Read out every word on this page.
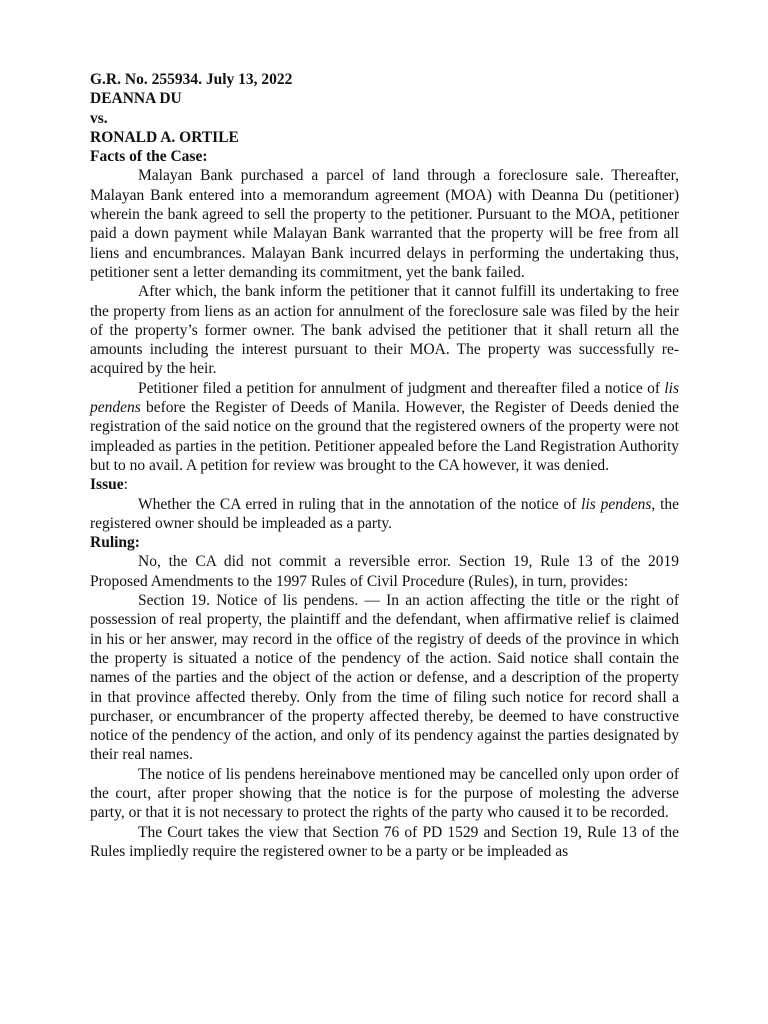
G.R. No. 255934. July 13, 2022
DEANNA DU
vs.
RONALD A. ORTILE
Facts of the Case:

Malayan Bank purchased a parcel of land through a foreclosure sale. Thereafter, Malayan Bank entered into a memorandum agreement (MOA) with Deanna Du (petitioner) wherein the bank agreed to sell the property to the petitioner. Pursuant to the MOA, petitioner paid a down payment while Malayan Bank warranted that the property will be free from all liens and encumbrances. Malayan Bank incurred delays in performing the undertaking thus, petitioner sent a letter demanding its commitment, yet the bank failed.

After which, the bank inform the petitioner that it cannot fulfill its undertaking to free the property from liens as an action for annulment of the foreclosure sale was filed by the heir of the property’s former owner. The bank advised the petitioner that it shall return all the amounts including the interest pursuant to their MOA. The property was successfully re-acquired by the heir.

Petitioner filed a petition for annulment of judgment and thereafter filed a notice of lis pendens before the Register of Deeds of Manila. However, the Register of Deeds denied the registration of the said notice on the ground that the registered owners of the property were not impleaded as parties in the petition. Petitioner appealed before the Land Registration Authority but to no avail. A petition for review was brought to the CA however, it was denied.

Issue:

Whether the CA erred in ruling that in the annotation of the notice of lis pendens, the registered owner should be impleaded as a party.

Ruling:

No, the CA did not commit a reversible error. Section 19, Rule 13 of the 2019 Proposed Amendments to the 1997 Rules of Civil Procedure (Rules), in turn, provides:

Section 19. Notice of lis pendens. — In an action affecting the title or the right of possession of real property, the plaintiff and the defendant, when affirmative relief is claimed in his or her answer, may record in the office of the registry of deeds of the province in which the property is situated a notice of the pendency of the action. Said notice shall contain the names of the parties and the object of the action or defense, and a description of the property in that province affected thereby. Only from the time of filing such notice for record shall a purchaser, or encumbrancer of the property affected thereby, be deemed to have constructive notice of the pendency of the action, and only of its pendency against the parties designated by their real names.

The notice of lis pendens hereinabove mentioned may be cancelled only upon order of the court, after proper showing that the notice is for the purpose of molesting the adverse party, or that it is not necessary to protect the rights of the party who caused it to be recorded.

The Court takes the view that Section 76 of PD 1529 and Section 19, Rule 13 of the Rules impliedly require the registered owner to be a party or be impleaded as
